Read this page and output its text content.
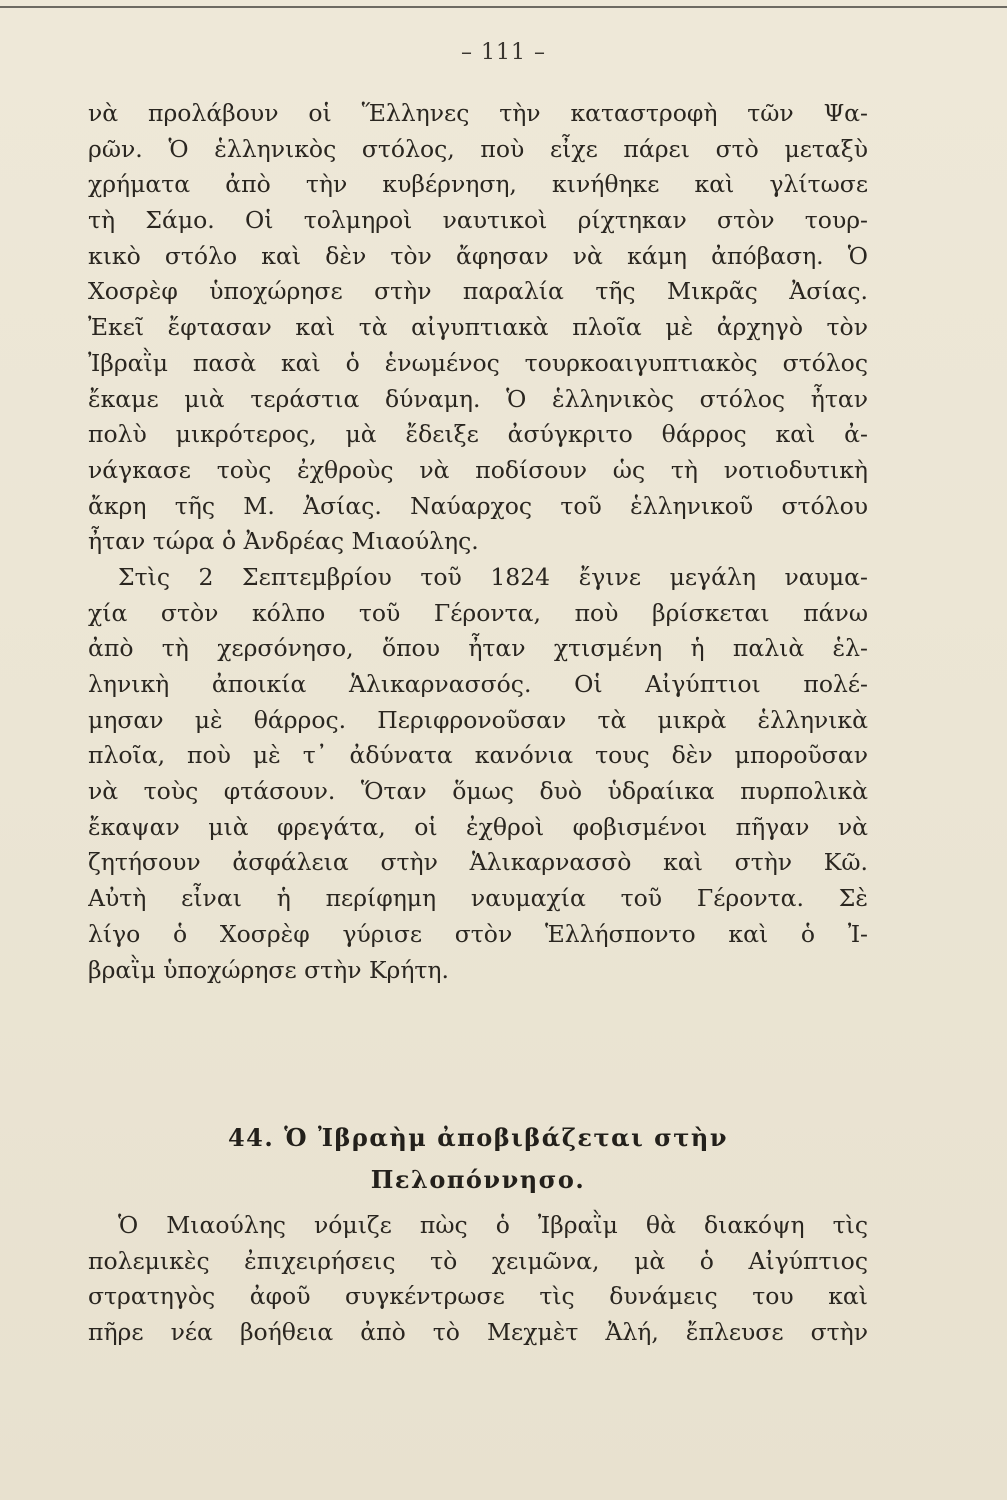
– 111 –
νὰ προλάβουν οἱ Ἕλληνες τὴν καταστροφὴ τῶν Ψα-
ρῶν. Ὁ ἑλληνικὸς στόλος, ποὺ εἶχε πάρει στὸ μεταξὺ
χρήματα ἀπὸ τὴν κυβέρνηση, κινήθηκε καὶ γλίτωσε
τὴ Σάμο. Οἱ τολμηροὶ ναυτικοὶ ρίχτηκαν στὸν τουρ-
κικὸ στόλο καὶ δὲν τὸν ἄφησαν νὰ κάμη ἀπόβαση. Ὁ
Χοσρὲφ ὑποχώρησε στὴν παραλία τῆς Μικρᾶς Ἀσίας.
Ἐκεῖ ἔφτασαν καὶ τὰ αἰγυπτιακὰ πλοῖα μὲ ἀρχηγὸ τὸν
Ἰβραῒμ πασὰ καὶ ὁ ἑνωμένος τουρκοαιγυπτιακὸς στόλος
ἔκαμε μιὰ τεράστια δύναμη. Ὁ ἑλληνικὸς στόλος ἦταν
πολὺ μικρότερος, μὰ ἔδειξε ἀσύγκριτο θάρρος καὶ ἀ-
νάγκασε τοὺς ἐχθροὺς νὰ ποδίσουν ὡς τὴ νοτιοδυτικὴ
ἄκρη τῆς Μ. Ἀσίας. Ναύαρχος τοῦ ἑλληνικοῦ στόλου
ἦταν τώρα ὁ Ἀνδρέας Μιαούλης.
Στὶς 2 Σεπτεμβρίου τοῦ 1824 ἔγινε μεγάλη ναυμα-
χία στὸν κόλπο τοῦ Γέροντα, ποὺ βρίσκεται πάνω
ἀπὸ τὴ χερσόνησο, ὅπου ἦταν χτισμένη ἡ παλιὰ ἑλ-
ληνικὴ ἀποικία Ἁλικαρνασσός. Οἱ Αἰγύπτιοι πολέ-
μησαν μὲ θάρρος. Περιφρονοῦσαν τὰ μικρὰ ἑλληνικὰ
πλοῖα, ποὺ μὲ τ᾿ ἀδύνατα κανόνια τους δὲν μποροῦσαν
νὰ τοὺς φτάσουν. Ὅταν ὅμως δυὸ ὑδραίικα πυρπολικὰ
ἔκαψαν μιὰ φρεγάτα, οἱ ἐχθροὶ φοβισμένοι πῆγαν νὰ
ζητήσουν ἀσφάλεια στὴν Ἁλικαρνασσὸ καὶ στὴν Κῶ.
Αὐτὴ εἶναι ἡ περίφημη ναυμαχία τοῦ Γέροντα. Σὲ
λίγο ὁ Χοσρὲφ γύρισε στὸν Ἑλλήσποντο καὶ ὁ Ἰ-
βραῒμ ὑποχώρησε στὴν Κρήτη.
44. Ὁ Ἰβραὴμ ἀποβιβάζεται στὴν
Πελοπόννησο.
Ὁ Μιαούλης νόμιζε πὼς ὁ Ἰβραῒμ θὰ διακόψη τὶς
πολεμικὲς ἐπιχειρήσεις τὸ χειμῶνα, μὰ ὁ Αἰγύπτιος
στρατηγὸς ἀφοῦ συγκέντρωσε τὶς δυνάμεις του καὶ
πῆρε νέα βοήθεια ἀπὸ τὸ Μεχμὲτ Ἀλή, ἔπλευσε στὴν
